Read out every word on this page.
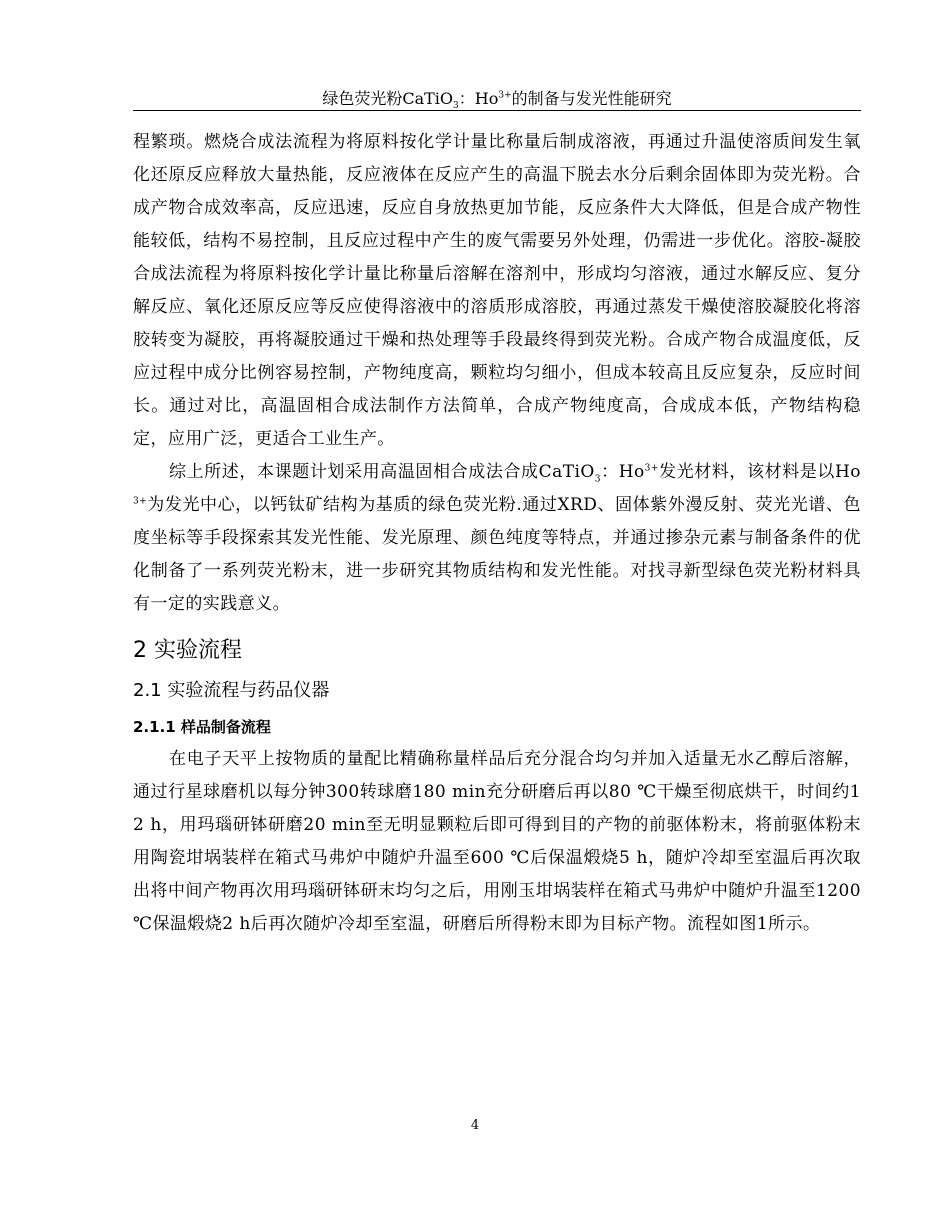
绿色荧光粉CaTiO$_3$：$Ho^{3+}$的制备与发光性能研究

程繁琐。燃烧合成法流程为将原料按化学计量比称量后制成溶液，再通过升温使溶质间发生氧化还原反应释放大量热能，反应液体在反应产生的高温下脱去水分后剩余固体即为荧光粉。合成产物合成效率高，反应迅速，反应自身放热更加节能，反应条件大大降低，但是合成产物性能较低，结构不易控制，且反应过程中产生的废气需要另外处理，仍需进一步优化。溶胶-凝胶合成法流程为将原料按化学计量比称量后溶解在溶剂中，形成均匀溶液，通过水解反应、复分解反应、氧化还原反应等反应使得溶液中的溶质形成溶胶，再通过蒸发干燥使溶胶凝胶化将溶胶转变为凝胶，再将凝胶通过干燥和热处理等手段最终得到荧光粉。合成产物合成温度低，反应过程中成分比例容易控制，产物纯度高，颗粒均匀细小，但成本较高且反应复杂，反应时间长。通过对比，高温固相合成法制作方法简单，合成产物纯度高，合成成本低，产物结构稳定，应用广泛，更适合工业生产。

综上所述，本课题计划采用高温固相合成法合成CaTiO$_3$：$Ho^{3+}$发光材料，该材料是以$Ho^{3+}$为发光中心，以钙钛矿结构为基质的绿色荧光粉.通过XRD、固体紫外漫反射、荧光光谱、色度坐标等手段探索其发光性能、发光原理、颜色纯度等特点，并通过掺杂元素与制备条件的优化制备了一系列荧光粉末，进一步研究其物质结构和发光性能。对找寻新型绿色荧光粉材料具有一定的实践意义。

2 实验流程
2.1 实验流程与药品仪器
2.1.1 样品制备流程

在电子天平上按物质的量配比精确称量样品后充分混合均匀并加入适量无水乙醇后溶解，通过行星球磨机以每分钟300转球磨180 min充分研磨后再以80 ℃干燥至彻底烘干，时间约12 h，用玛瑙研钵研磨20 min至无明显颗粒后即可得到目的产物的前驱体粉末，将前驱体粉末用陶瓷坩埚装样在箱式马弗炉中随炉升温至600 ℃后保温煅烧5 h，随炉冷却至室温后再次取出将中间产物再次用玛瑙研钵研末均匀之后，用刚玉坩埚装样在箱式马弗炉中随炉升温至1200 ℃保温煅烧2 h后再次随炉冷却至室温，研磨后所得粉末即为目标产物。流程如图1所示。

4
